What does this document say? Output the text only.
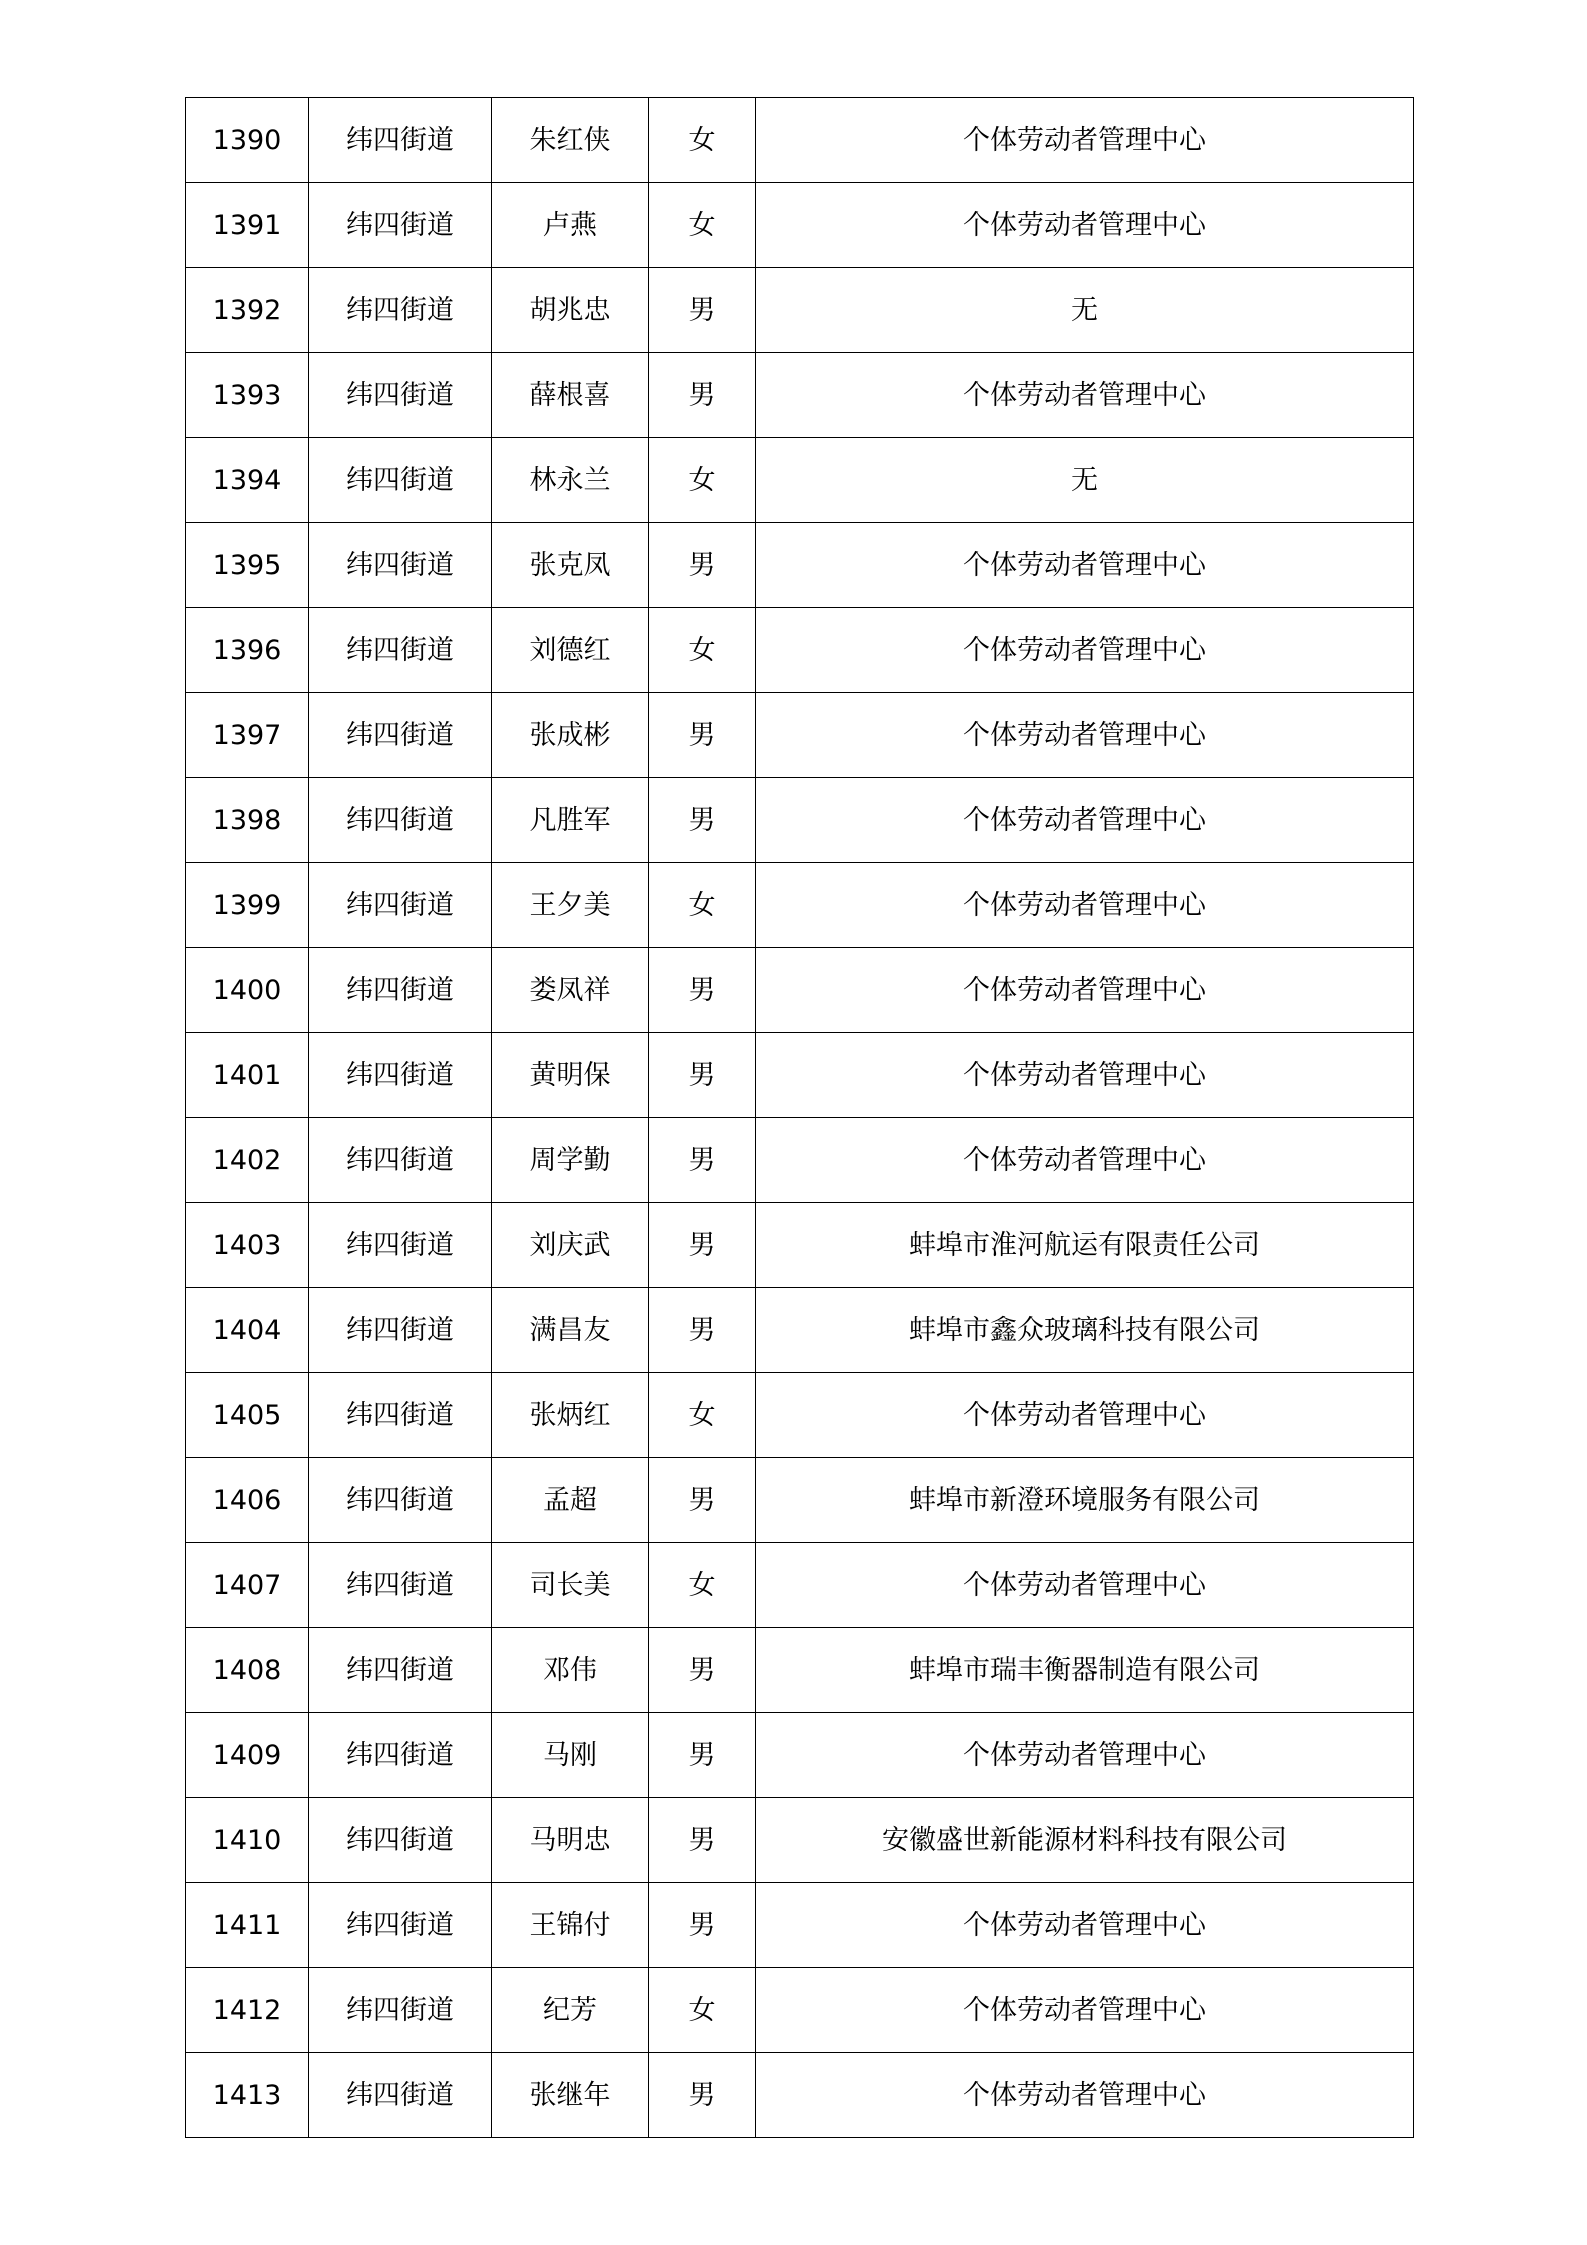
1390	纬四街道	朱红侠	女	个体劳动者管理中心
1391	纬四街道	卢燕	女	个体劳动者管理中心
1392	纬四街道	胡兆忠	男	无
1393	纬四街道	薛根喜	男	个体劳动者管理中心
1394	纬四街道	林永兰	女	无
1395	纬四街道	张克凤	男	个体劳动者管理中心
1396	纬四街道	刘德红	女	个体劳动者管理中心
1397	纬四街道	张成彬	男	个体劳动者管理中心
1398	纬四街道	凡胜军	男	个体劳动者管理中心
1399	纬四街道	王夕美	女	个体劳动者管理中心
1400	纬四街道	娄凤祥	男	个体劳动者管理中心
1401	纬四街道	黄明保	男	个体劳动者管理中心
1402	纬四街道	周学勤	男	个体劳动者管理中心
1403	纬四街道	刘庆武	男	蚌埠市淮河航运有限责任公司
1404	纬四街道	满昌友	男	蚌埠市鑫众玻璃科技有限公司
1405	纬四街道	张炳红	女	个体劳动者管理中心
1406	纬四街道	孟超	男	蚌埠市新澄环境服务有限公司
1407	纬四街道	司长美	女	个体劳动者管理中心
1408	纬四街道	邓伟	男	蚌埠市瑞丰衡器制造有限公司
1409	纬四街道	马刚	男	个体劳动者管理中心
1410	纬四街道	马明忠	男	安徽盛世新能源材料科技有限公司
1411	纬四街道	王锦付	男	个体劳动者管理中心
1412	纬四街道	纪芳	女	个体劳动者管理中心
1413	纬四街道	张继年	男	个体劳动者管理中心
